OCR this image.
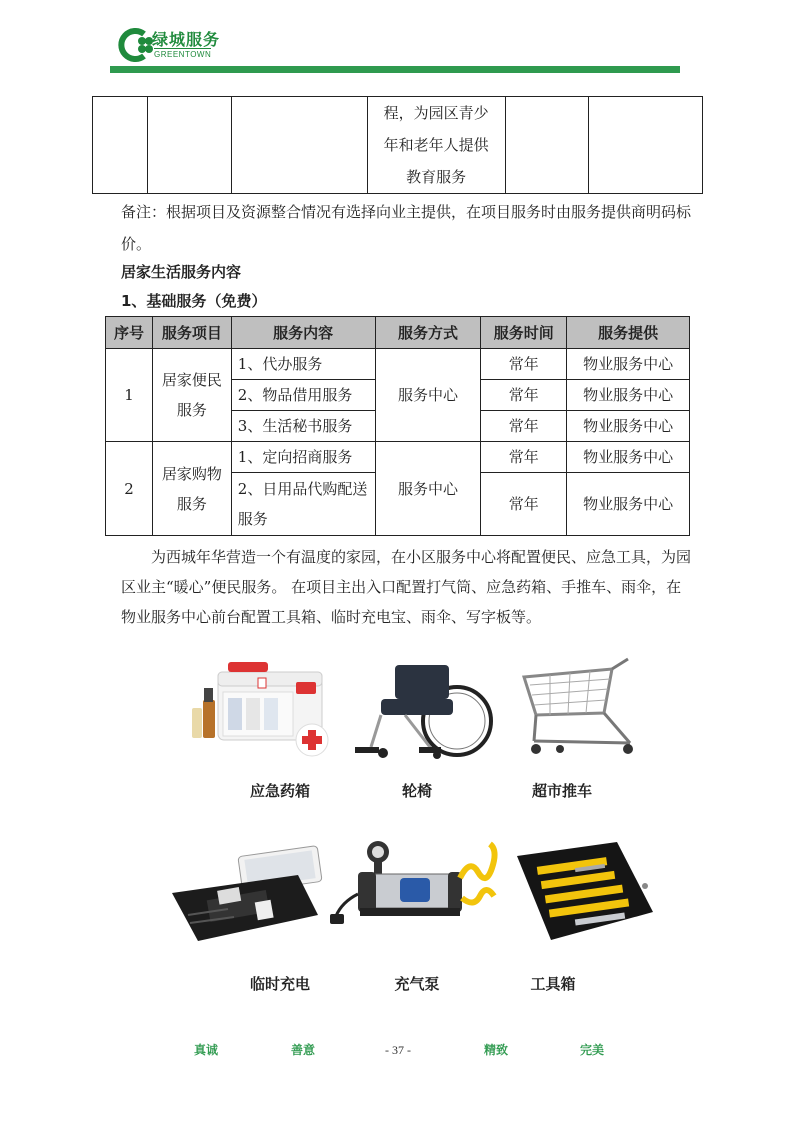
绿城服务
GREENTOWN

程，为园区青少
年和老年人提供
教育服务

备注：根据项目及资源整合情况有选择向业主提供，在项目服务时由服务提供商明码标价。
居家生活服务内容
1、基础服务（免费）
序号	服务项目	服务内容	服务方式	服务时间	服务提供
1	居家便民服务	1、代办服务	服务中心	常年	物业服务中心
		2、物品借用服务		常年	物业服务中心
		3、生活秘书服务		常年	物业服务中心
2	居家购物服务	1、定向招商服务	服务中心	常年	物业服务中心
		2、日用品代购配送服务		常年	物业服务中心
为西城年华营造一个有温度的家园，在小区服务中心将配置便民、应急工具，为园区业主“暖心”便民服务。 在项目主出入口配置打气筒、应急药箱、手推车、雨伞，在物业服务中心前台配置工具箱、临时充电宝、雨伞、写字板等。
应急药箱	轮椅	超市推车
临时充电	充气泵	工具箱
真诚	善意	- 37 -	精致	完美
